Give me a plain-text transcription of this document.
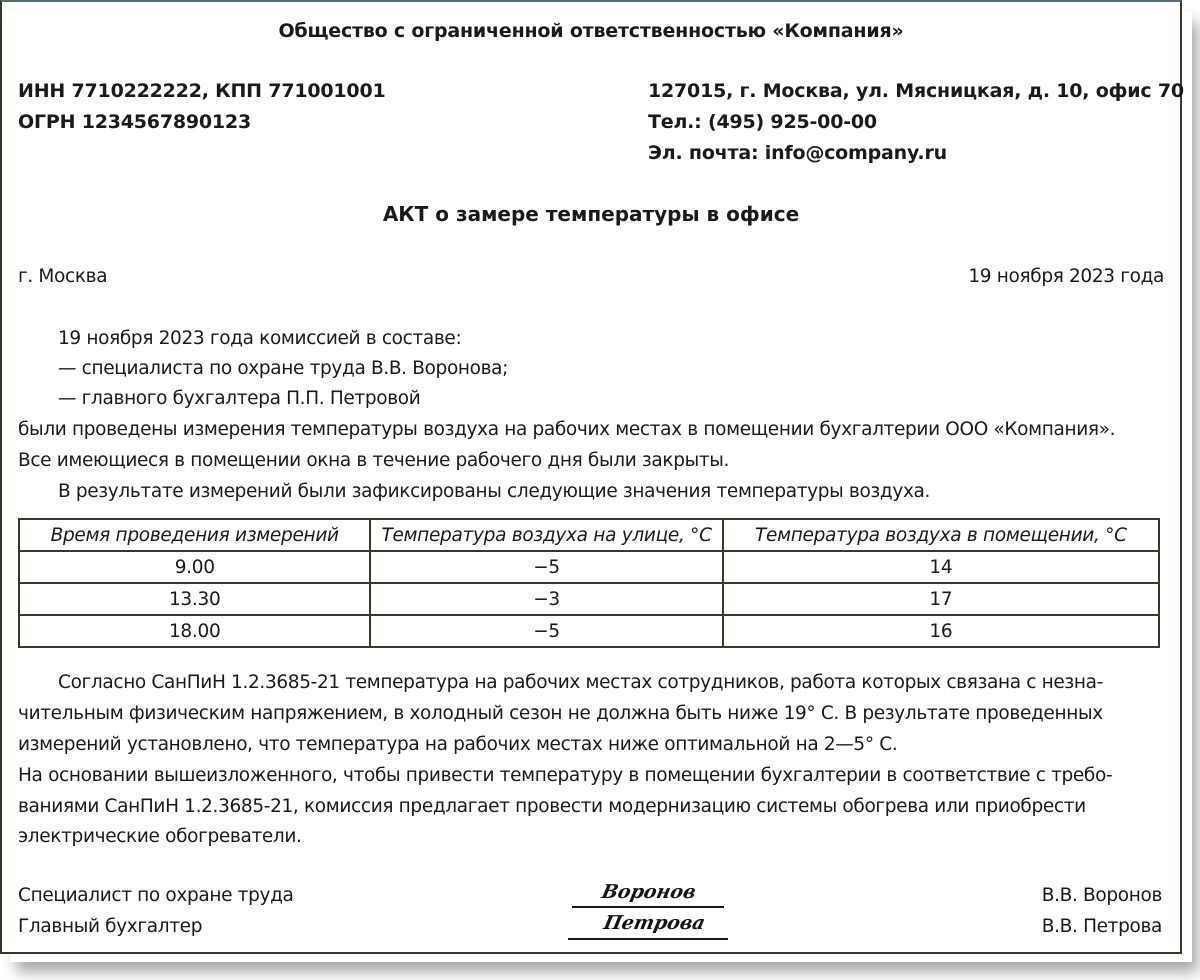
Общество с ограниченной ответственностью «Компания»
ИНН 7710222222, КПП 771001001
ОГРН 1234567890123
127015, г. Москва, ул. Мясницкая, д. 10, офис 70
Тел.: (495) 925-00-00
Эл. почта: info@company.ru
АКТ о замере температуры в офисе
г. Москва	19 ноября 2023 года
19 ноября 2023 года комиссией в составе:
— специалиста по охране труда В.В. Воронова;
— главного бухгалтера П.П. Петровой
были проведены измерения температуры воздуха на рабочих местах в помещении бухгалтерии ООО «Компания».
Все имеющиеся в помещении окна в течение рабочего дня были закрыты.
В результате измерений были зафиксированы следующие значения температуры воздуха.
Время проведения измерений	Температура воздуха на улице, °С	Температура воздуха в помещении, °С
9.00	−5	14
13.30	−3	17
18.00	−5	16
Согласно СанПиН 1.2.3685-21 температура на рабочих местах сотрудников, работа которых связана с незна-
чительным физическим напряжением, в холодный сезон не должна быть ниже 19° С. В результате проведенных
измерений установлено, что температура на рабочих местах ниже оптимальной на 2—5° С.
На основании вышеизложенного, чтобы привести температуру в помещении бухгалтерии в соответствие с требо-
ваниями СанПиН 1.2.3685-21, комиссия предлагает провести модернизацию системы обогрева или приобрести
электрические обогреватели.
Специалист по охране труда	Воронов	В.В. Воронов
Главный бухгалтер	Петрова	В.В. Петрова
